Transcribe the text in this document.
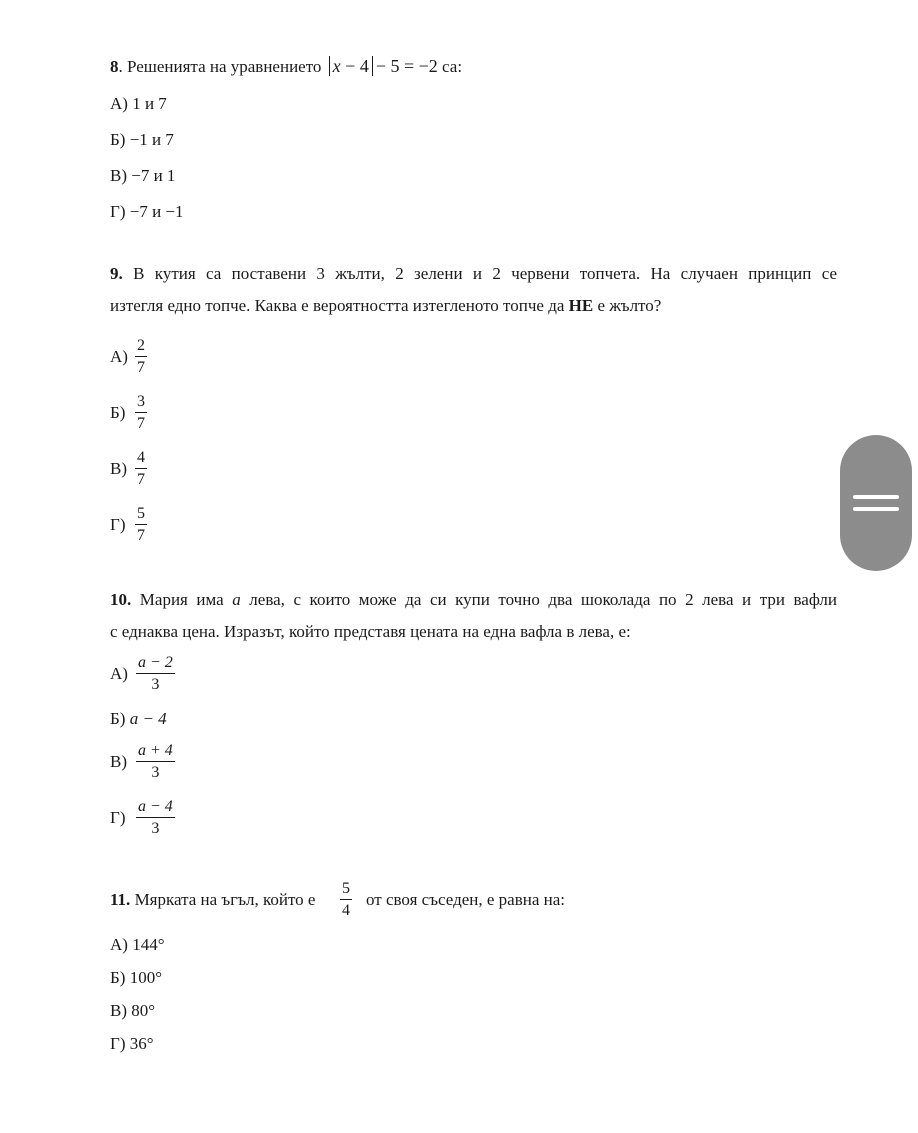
8. Решенията на уравнението x − 4 − 5 = −2 са:
А) 1 и 7
Б) −1 и 7
В) −7 и 1
Г) −7 и −1
9. В кутия са поставени 3 жълти, 2 зелени и 2 червени топчета. На случаен принцип се
изтегля едно топче. Каква е вероятността изтегленото топче да НЕ е жълто?
$А) \frac{2}{7}$
$Б) \frac{3}{7}$
$В) \frac{4}{7}$
$Г) \frac{5}{7}$
10. Мария има а лева, с които може да си купи точно два шоколада по 2 лева и три вафли
с еднаква цена. Изразът, който представя цената на една вафла в лева, е:
$А) \frac{a - 2}{3}$
Б) a − 4
$В) \frac{a + 4}{3}$
$Г) \frac{a - 4}{3}$
11. Мярката на ъгъл, който е $\frac{5}{4}$ от своя съседен, е равна на:
А) 144°
Б) 100°
В) 80°
Г) 36°
